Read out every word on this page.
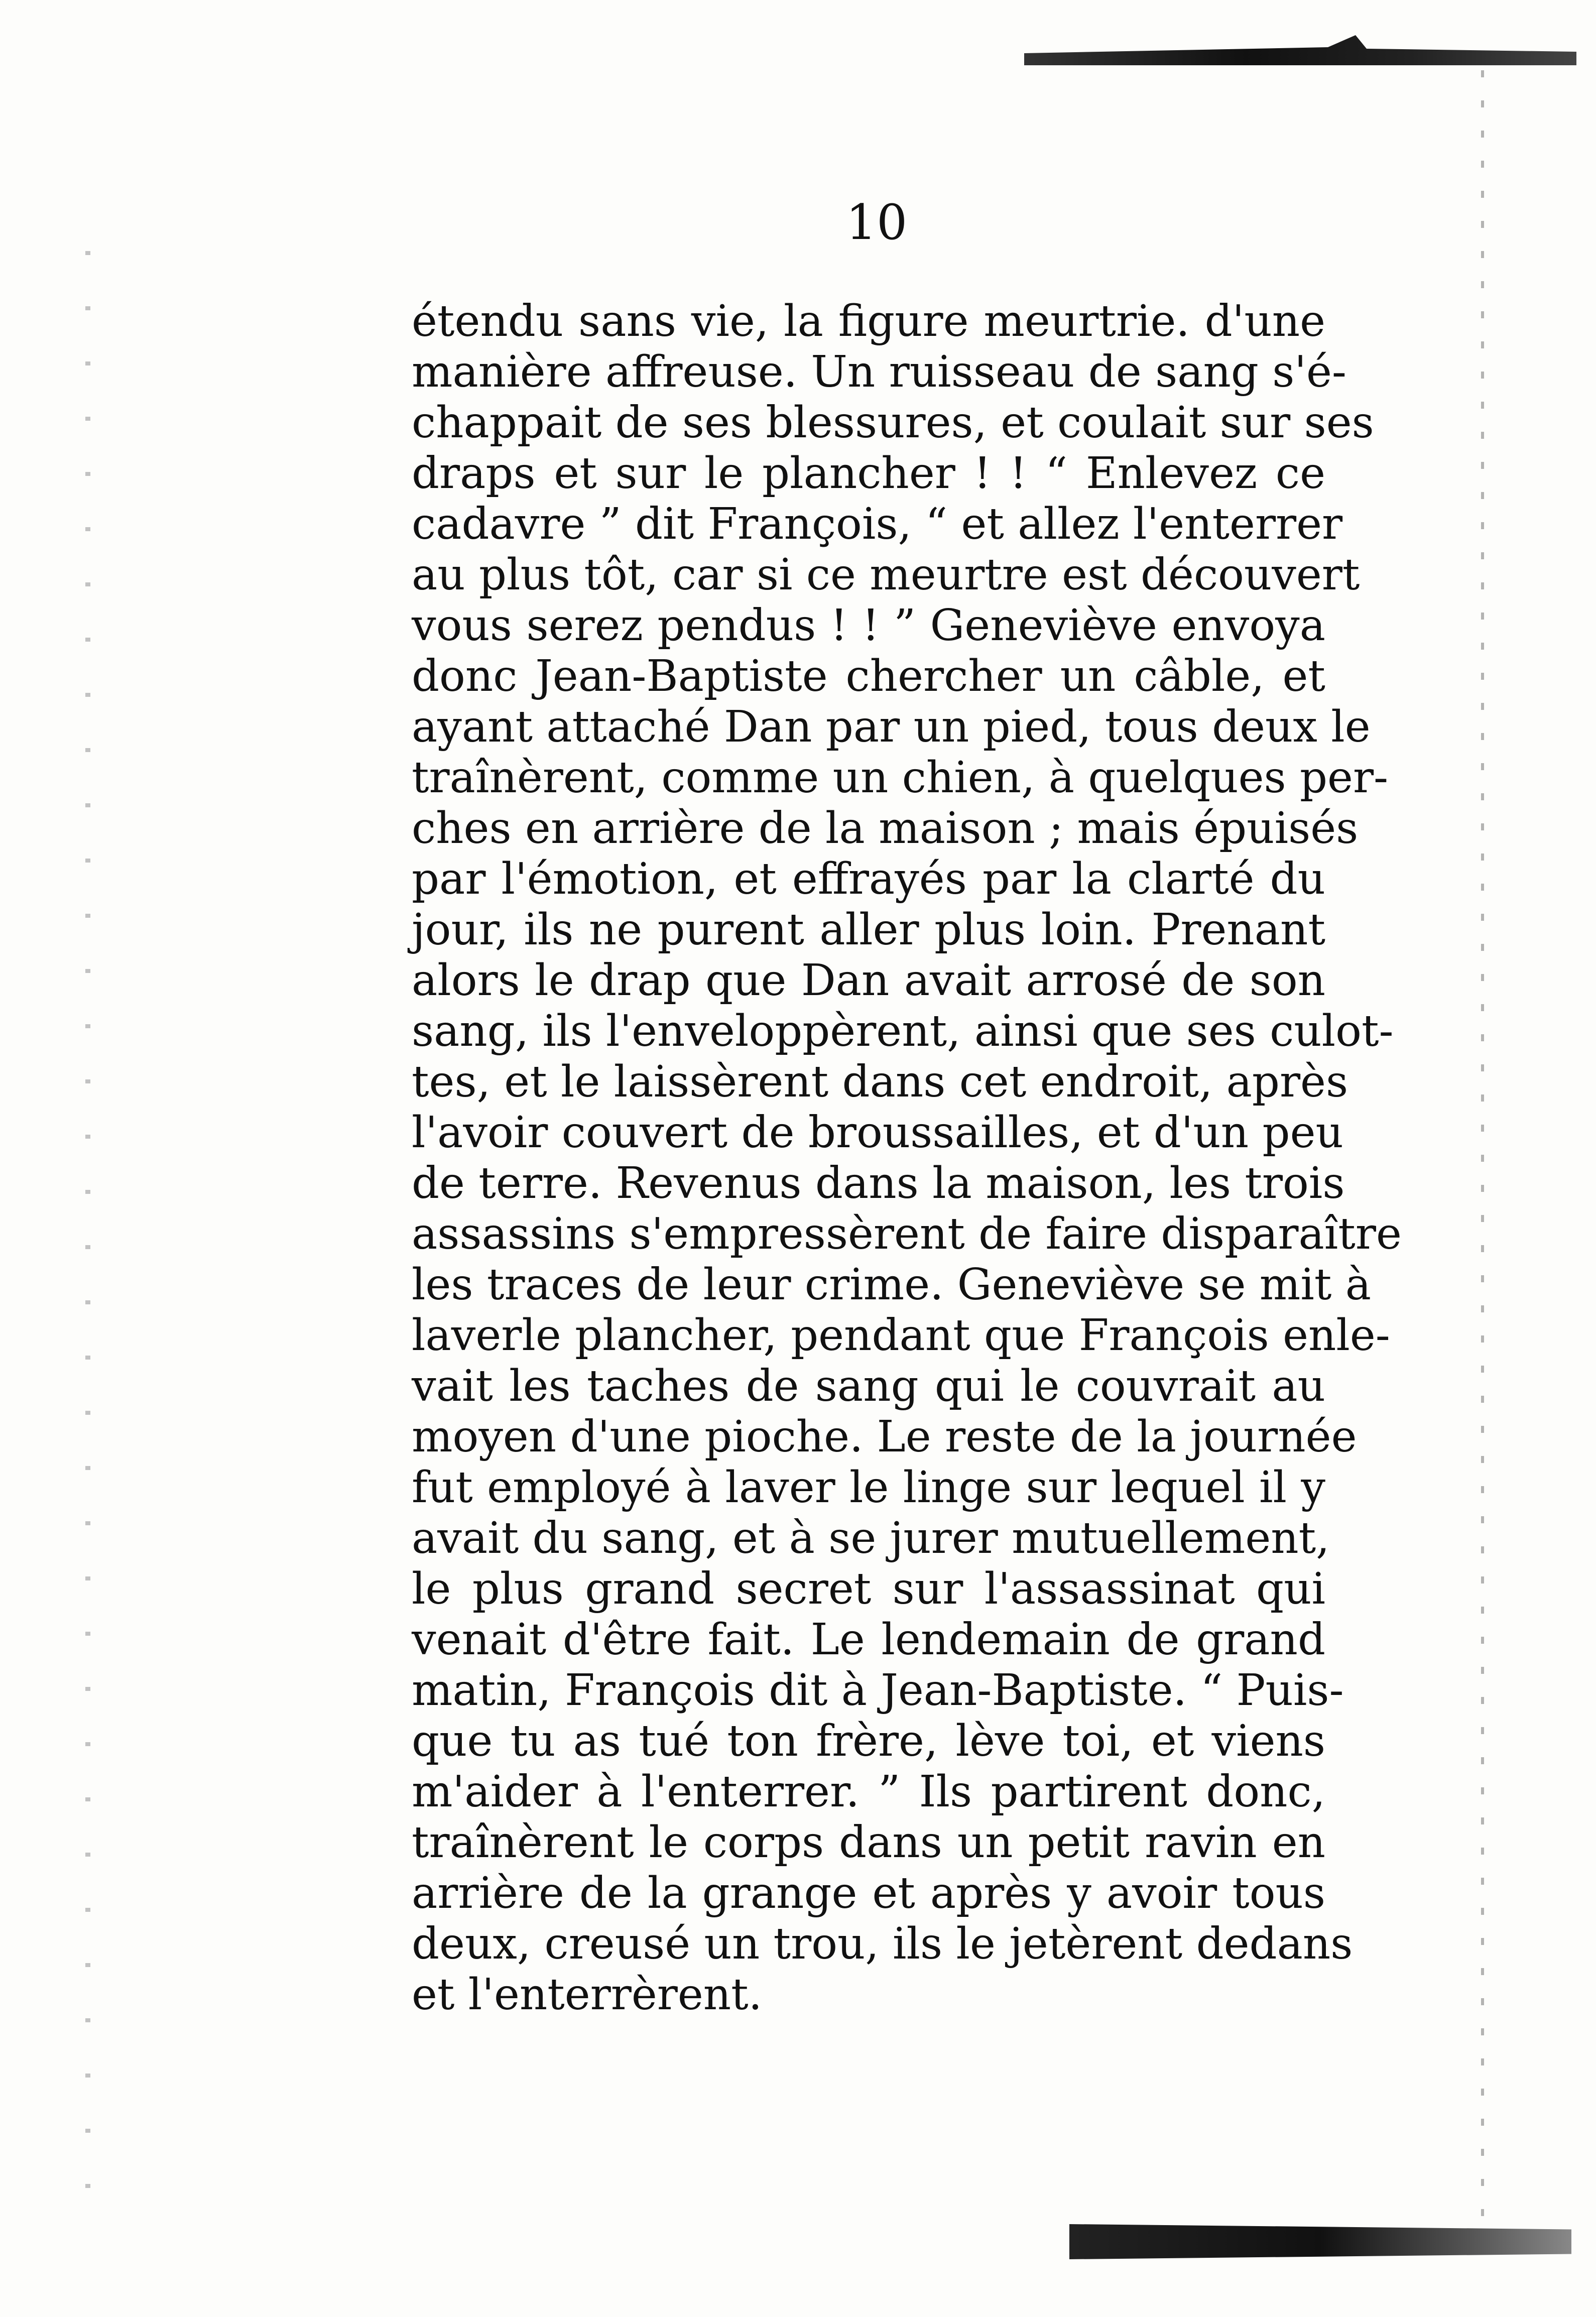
10
étendu sans vie, la figure meurtrie. d'une
manière affreuse. Un ruisseau de sang s'é-
chappait de ses blessures, et coulait sur ses
draps et sur le plancher ! ! “ Enlevez ce
cadavre ” dit François, “ et allez l'enterrer
au plus tôt, car si ce meurtre est découvert
vous serez pendus ! ! ” Geneviève envoya
donc Jean-Baptiste chercher un câble, et
ayant attaché Dan par un pied, tous deux le
traînèrent, comme un chien, à quelques per-
ches en arrière de la maison ; mais épuisés
par l'émotion, et effrayés par la clarté du
jour, ils ne purent aller plus loin. Prenant
alors le drap que Dan avait arrosé de son
sang, ils l'enveloppèrent, ainsi que ses culot-
tes, et le laissèrent dans cet endroit, après
l'avoir couvert de broussailles, et d'un peu
de terre. Revenus dans la maison, les trois
assassins s'empressèrent de faire disparaître
les traces de leur crime. Geneviève se mit à
laverle plancher, pendant que François enle-
vait les taches de sang qui le couvrait au
moyen d'une pioche. Le reste de la journée
fut employé à laver le linge sur lequel il y
avait du sang, et à se jurer mutuellement,
le plus grand secret sur l'assassinat qui
venait d'être fait. Le lendemain de grand
matin, François dit à Jean-Baptiste. “ Puis-
que tu as tué ton frère, lève toi, et viens
m'aider à l'enterrer. ” Ils partirent donc,
traînèrent le corps dans un petit ravin en
arrière de la grange et après y avoir tous
deux, creusé un trou, ils le jetèrent dedans
et l'enterrèrent.
